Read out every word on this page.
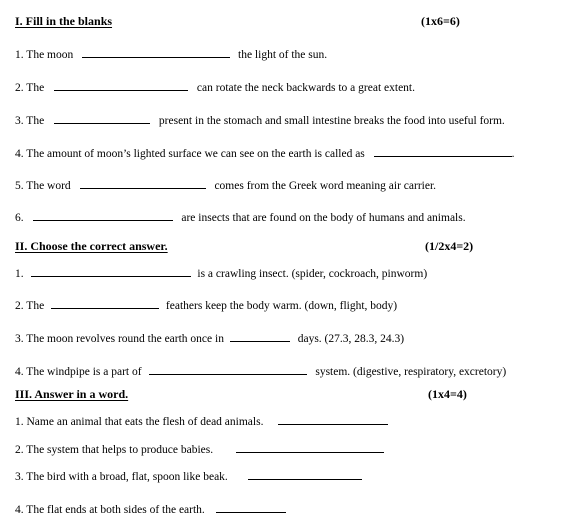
I. Fill in the blanks	(1x6=6)
1. The moon	the light of the sun.
2. The	can rotate the neck backwards to a great extent.
3. The	present in the stomach and small intestine breaks the food into useful form.
4. The amount of moon’s lighted surface we can see on the earth is called as	.
5. The word	comes from the Greek word meaning air carrier.
6.	are insects that are found on the body of humans and animals.
II. Choose the correct answer.	(1/2x4=2)
1.	is a crawling insect. (spider, cockroach, pinworm)
2. The	feathers keep the body warm. (down, flight, body)
3. The moon revolves round the earth once in	days. (27.3, 28.3, 24.3)
4. The windpipe is a part of	system. (digestive, respiratory, excretory)
III. Answer in a word.	(1x4=4)
1. Name an animal that eats the flesh of dead animals.
2. The system that helps to produce babies.
3. The bird with a broad, flat, spoon like beak.
4. The flat ends at both sides of the earth.
